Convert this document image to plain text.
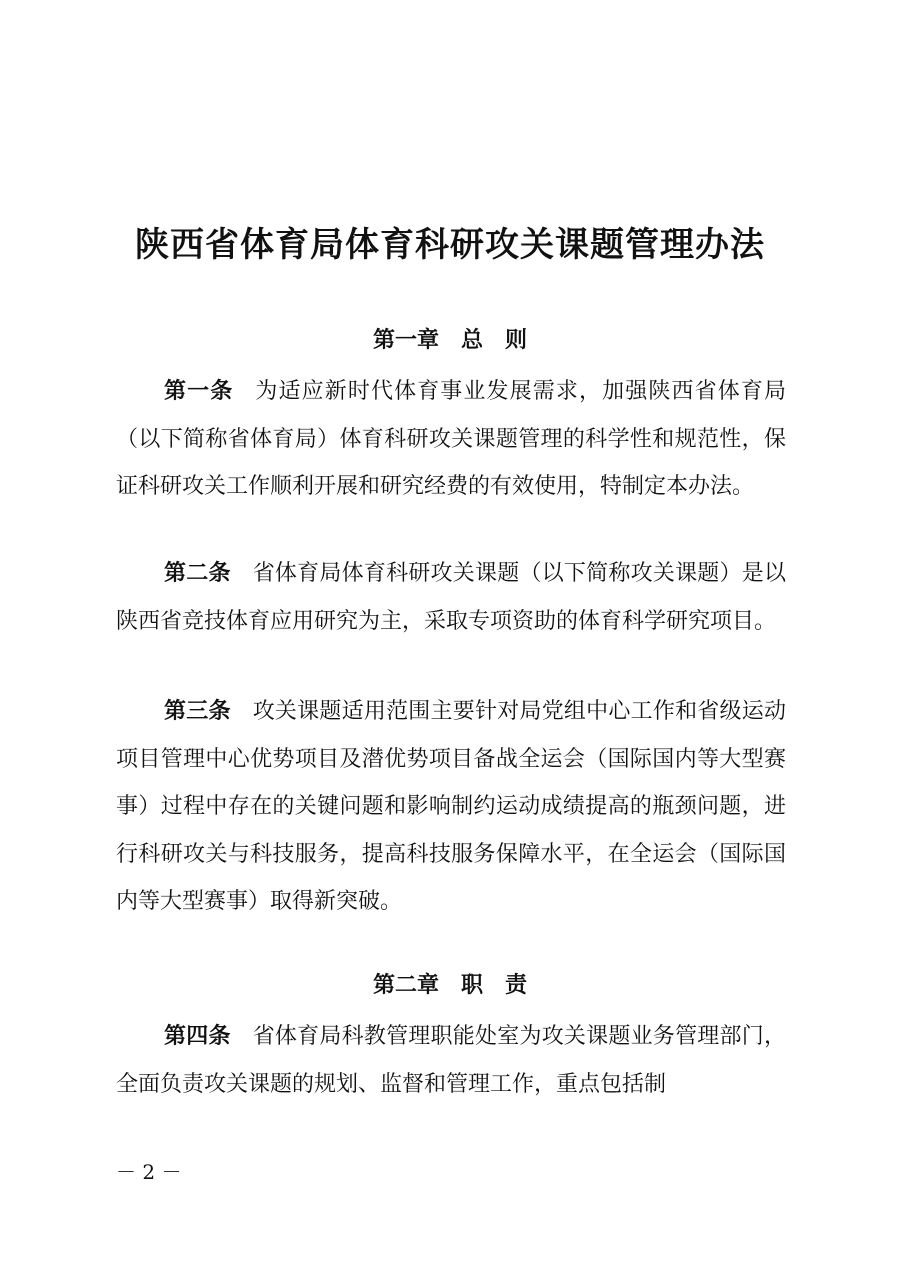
陕西省体育局体育科研攻关课题管理办法
第一章　总　则

第一条 为适应新时代体育事业发展需求，加强陕西省体育局（以下简称省体育局）体育科研攻关课题管理的科学性和规范性，保证科研攻关工作顺利开展和研究经费的有效使用，特制定本办法。

第二条 省体育局体育科研攻关课题（以下简称攻关课题）是以陕西省竞技体育应用研究为主，采取专项资助的体育科学研究项目。

第三条 攻关课题适用范围主要针对局党组中心工作和省级运动项目管理中心优势项目及潜优势项目备战全运会（国际国内等大型赛事）过程中存在的关键问题和影响制约运动成绩提高的瓶颈问题，进行科研攻关与科技服务，提高科技服务保障水平，在全运会（国际国内等大型赛事）取得新突破。

第二章　职　责

第四条 省体育局科教管理职能处室为攻关课题业务管理部门，全面负责攻关课题的规划、监督和管理工作，重点包括制

－ 2 －
